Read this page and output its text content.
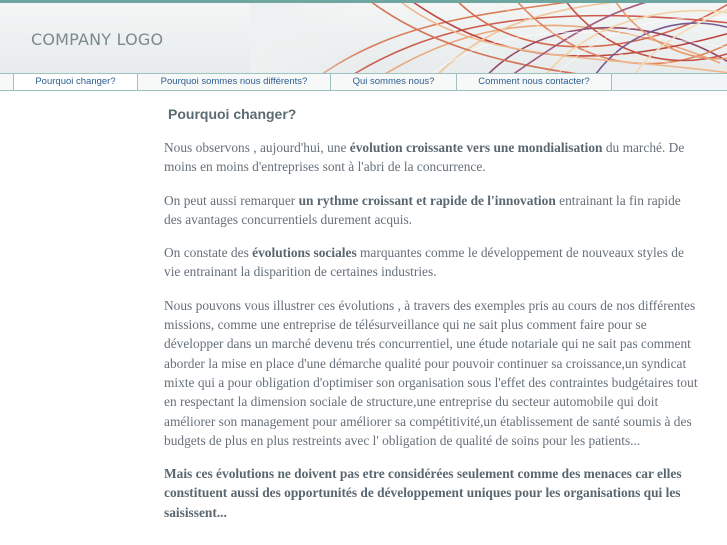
COMPANY LOGO
Pourquoi changer?	Pourquoi sommes nous différents?	Qui sommes nous?	Comment nous contacter?
Pourquoi changer?

Nous observons , aujourd'hui, une évolution croissante vers une mondialisation du marché. De moins en moins d'entreprises sont à l'abri de la concurrence.

On peut aussi remarquer un rythme croissant et rapide de l'innovation entrainant la fin rapide des avantages concurrentiels durement acquis.

On constate des évolutions sociales marquantes comme le développement de nouveaux styles de vie entrainant la disparition de certaines industries.

Nous pouvons vous illustrer ces évolutions , à travers des exemples pris au cours de nos différentes missions, comme une entreprise de télésurveillance qui ne sait plus comment faire pour se développer dans un marché devenu trés concurrentiel, une étude notariale qui ne sait pas comment aborder la mise en place d'une démarche qualité pour pouvoir continuer sa croissance,un syndicat mixte qui a pour obligation d'optimiser son organisation sous l'effet des contraintes budgétaires tout en respectant la dimension sociale de structure,une entreprise du secteur automobile qui doit améliorer son management pour améliorer sa compétitivité,un établissement de santé soumis à des budgets de plus en plus restreints avec l' obligation de qualité de soins pour les patients...

Mais ces évolutions ne doivent pas etre considérées seulement comme des menaces car elles constituent aussi des opportunités de développement uniques pour les organisations qui les saisissent...
